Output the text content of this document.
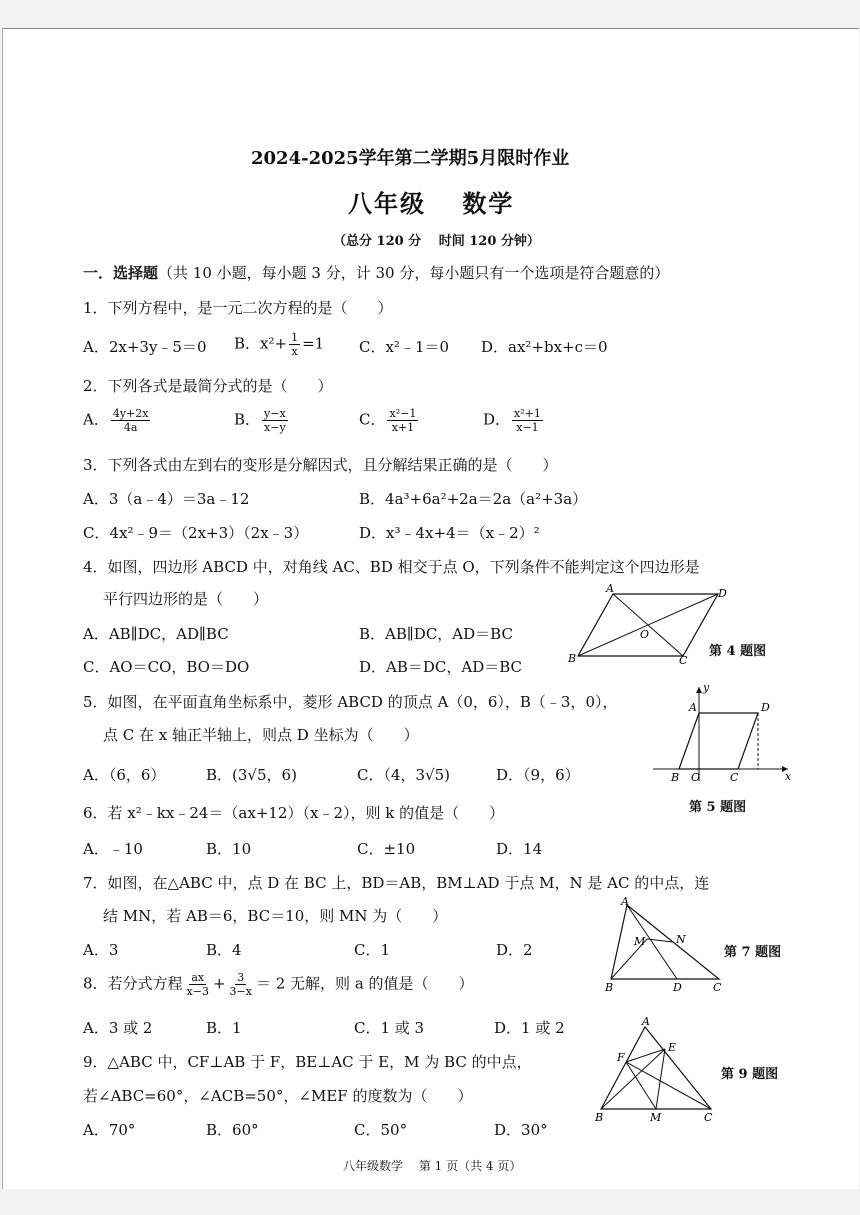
2024-2025学年第二学期5月限时作业
八年级　 数学
（总分 120 分　 时间 120 分钟）
一．选择题（共 10 小题，每小题 3 分，计 30 分，每小题只有一个选项是符合题意的）
1．下列方程中，是一元二次方程的是（　　）
A．2x+3y﹣5＝0 B．$x^2+ \frac{1}{x} =1$ C．x²﹣1＝0 D．ax²+bx+c＝0
2．下列各式是最简分式的是（　　）
A． $\frac{4y+2x}{4a}$	B． $\frac{y-x}{x-y}$	C． $\frac{\text{x²−1}}{x+1}$	D． $\frac{\text{x²+1}}{x-1}$
3．下列各式由左到右的变形是分解因式，且分解结果正确的是（　　）
A．3（a﹣4）＝3a﹣12	B．4a³+6a²+2a＝2a（a²+3a）
C．4x²﹣9＝（2x+3）（2x﹣3）	D．x³﹣4x+4＝（x﹣2）²
4．如图，四边形 ABCD 中，对角线 AC、BD 相交于点 O，下列条件不能判定这个四边形是
平行四边形的是（　　）
A．AB∥DC，AD∥BC	B．AB∥DC，AD＝BC
C．AO＝CO，BO＝DO	D．AB＝DC，AD＝BC
A	D
O
B	C
第 4 题图
5．如图，在平面直角坐标系中，菱形 ABCD 的顶点 A（0，6），B（﹣3，0），
点 C 在 x 轴正半轴上，则点 D 坐标为（　　）
A．（6，6）	B．(3√5，6)	C．（4，3√5)	D．（9，6）
y
A	D
B O	C	x
第 5 题图
6．若 x²﹣kx﹣24＝（ax+12）（x﹣2），则 k 的值是（　　）
A．﹣10	B．10	C．±10	D．14
7．如图，在△ABC 中，点 D 在 BC 上，BD＝AB，BM⊥AD 于点 M，N 是 AC 的中点，连
结 MN，若 AB＝6，BC＝10，则 MN 为（　　）
A．3	B．4	C．1	D．2
A
M	N
B	D	C
第 7 题图
8．若分式方程 $\frac{ax}{x-3} + \frac{3}{3-x} = 2$ 无解，则 a 的值是（　　）
A．3 或 2	B．1	C．1 或 3	D．1 或 2
9．△ABC 中，CF⊥AB 于 F，BE⊥AC 于 E，M 为 BC 的中点，
若∠ABC=60°，∠ACB=50°，∠MEF 的度数为（　　）
A．70°	B．60°	C．50°	D．30°
A
F
E
B	M	C
第 9 题图
八年级数学　 第 1 页（共 4 页）
